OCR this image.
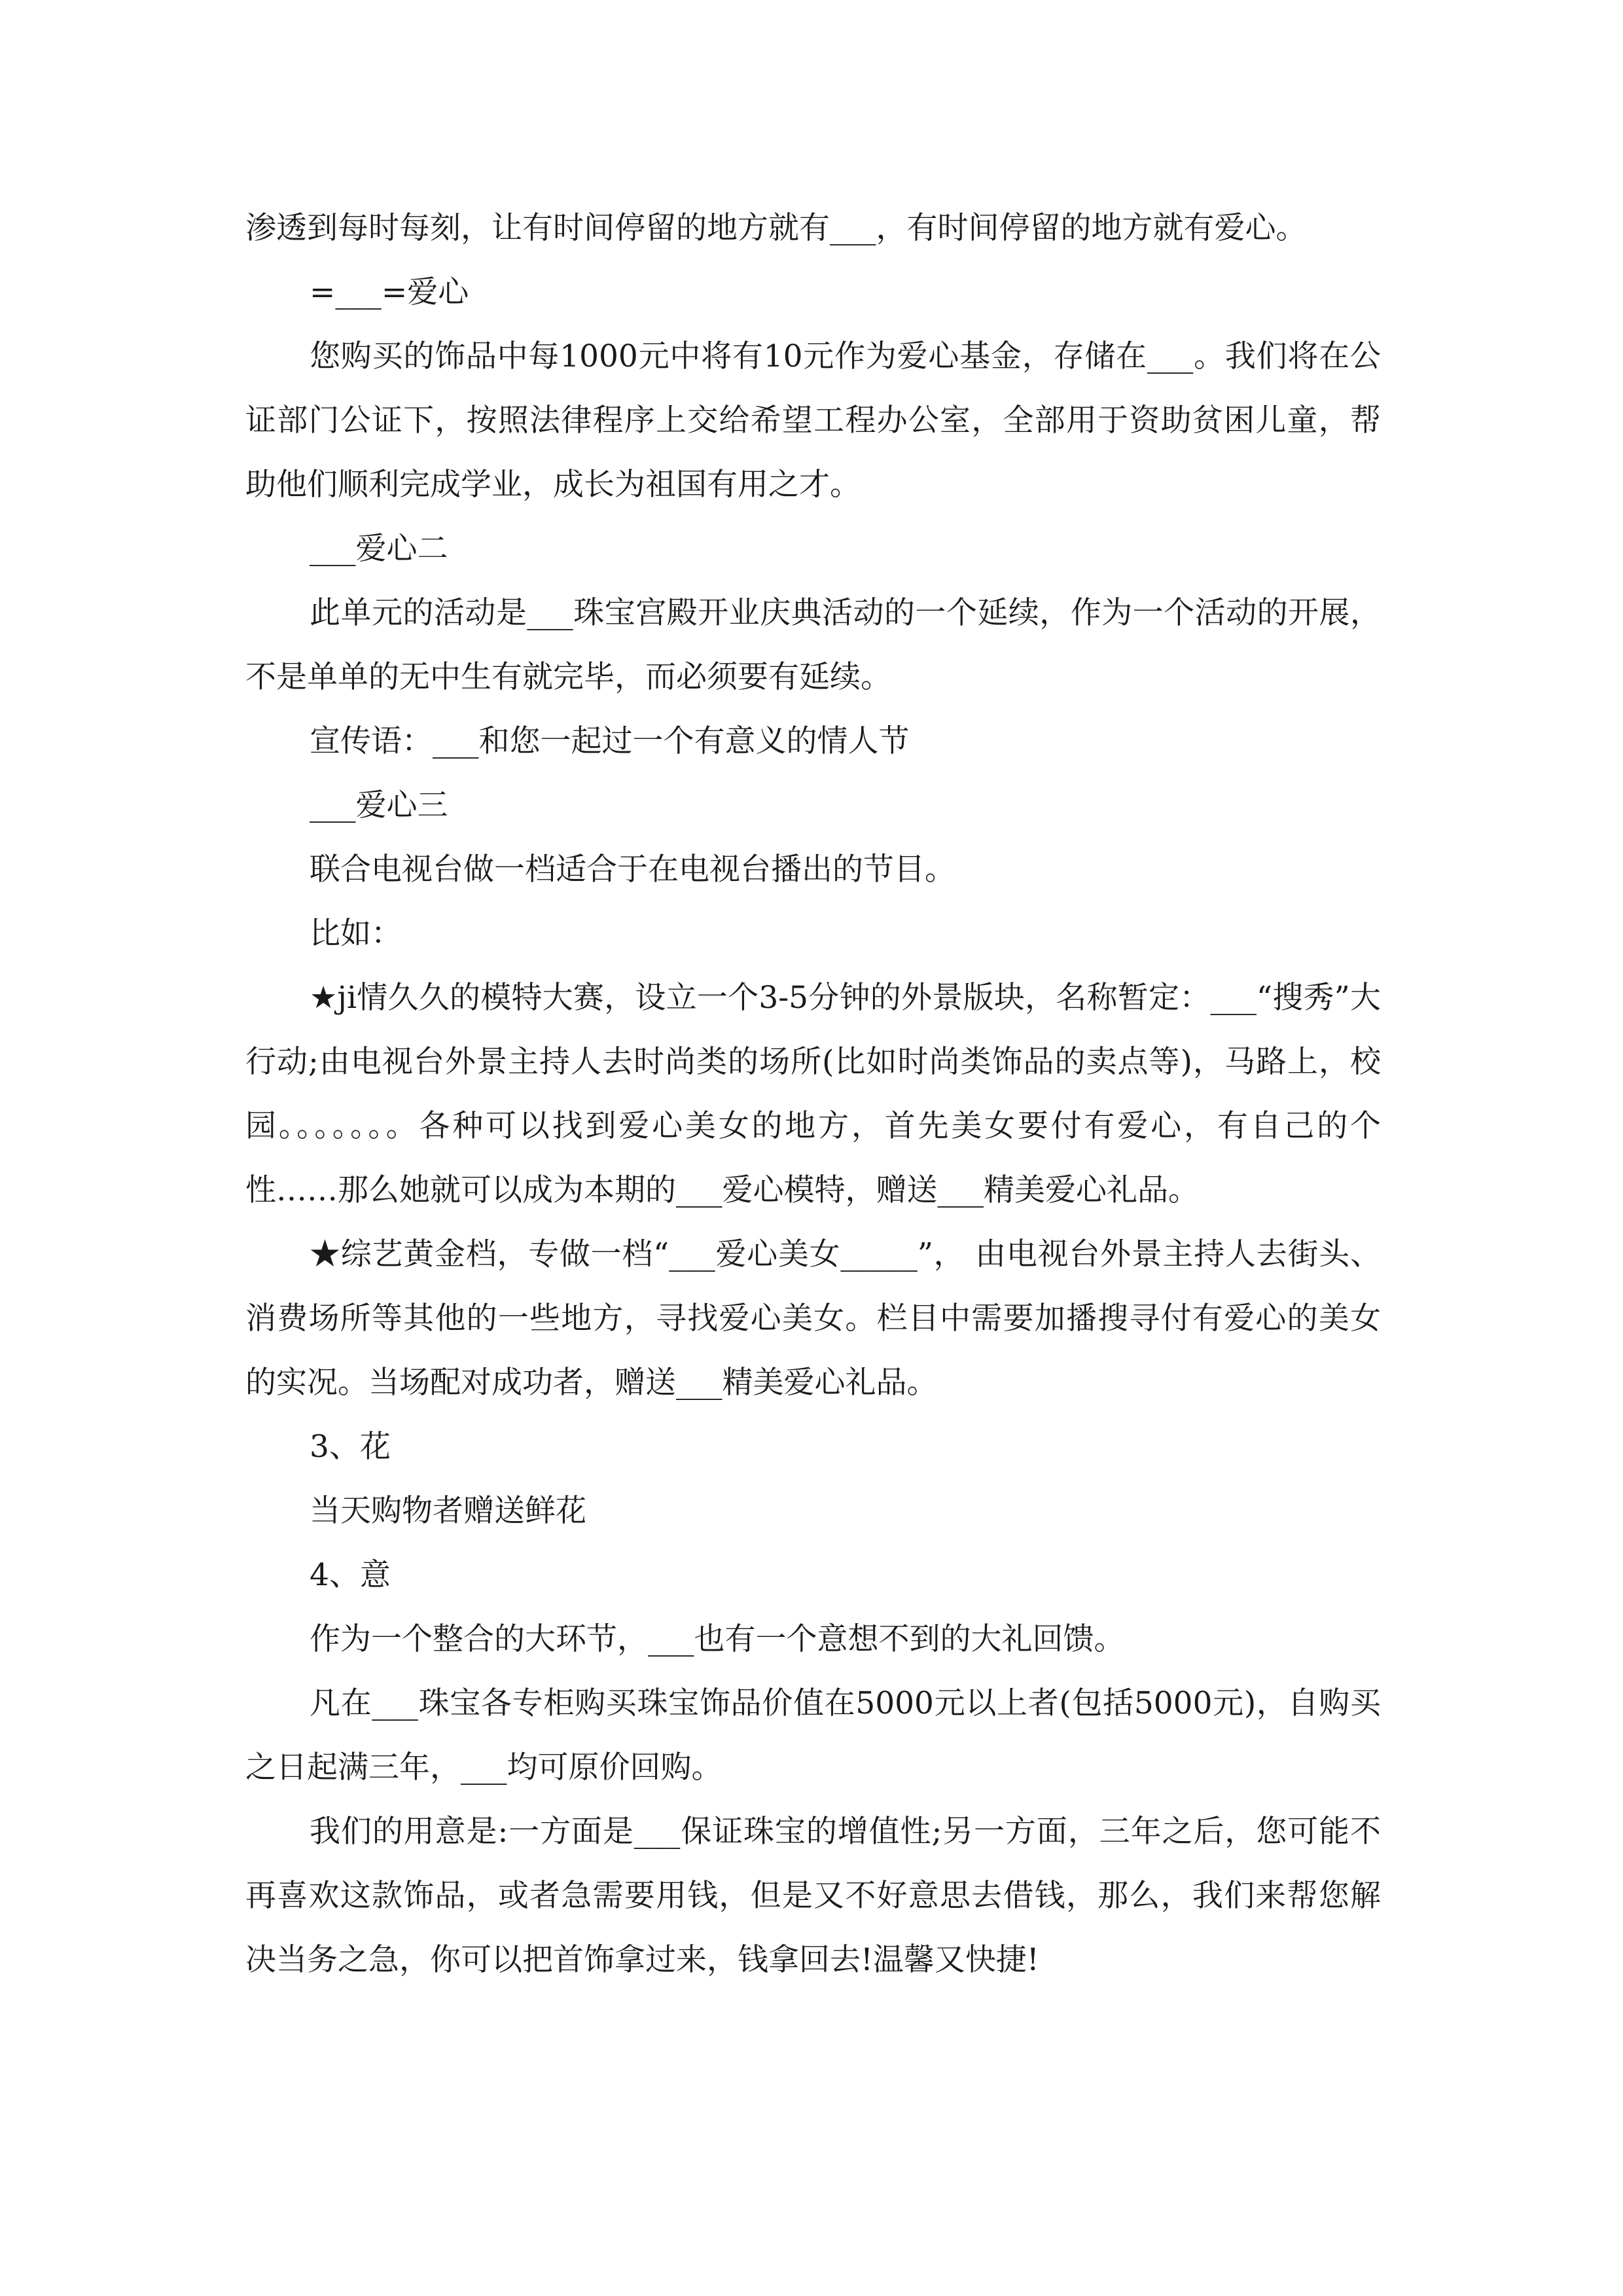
渗透到每时每刻，让有时间停留的地方就有___，有时间停留的地方就有爱心。

=___=爱心

您购买的饰品中每1000元中将有10元作为爱心基金，存储在___。我们将在公证部门公证下，按照法律程序上交给希望工程办公室，全部用于资助贫困儿童，帮助他们顺利完成学业，成长为祖国有用之才。

___爱心二

此单元的活动是___珠宝宫殿开业庆典活动的一个延续，作为一个活动的开展，不是单单的无中生有就完毕，而必须要有延续。

宣传语：___和您一起过一个有意义的情人节

___爱心三

联合电视台做一档适合于在电视台播出的节目。

比如：

★ji情久久的模特大赛，设立一个3-5分钟的外景版块，名称暂定：___“搜秀”大行动;由电视台外景主持人去时尚类的场所(比如时尚类饰品的卖点等)，马路上，校园。。。。。。。各种可以找到爱心美女的地方，首先美女要付有爱心，有自己的个性……那么她就可以成为本期的___爱心模特，赠送___精美爱心礼品。

★综艺黄金档，专做一档“___爱心美女_____”， 由电视台外景主持人去街头、消费场所等其他的一些地方，寻找爱心美女。栏目中需要加播搜寻付有爱心的美女的实况。当场配对成功者，赠送___精美爱心礼品。

3、花

当天购物者赠送鲜花

4、意

作为一个整合的大环节，___也有一个意想不到的大礼回馈。

凡在___珠宝各专柜购买珠宝饰品价值在5000元以上者(包括5000元)，自购买之日起满三年，___均可原价回购。

我们的用意是:一方面是___保证珠宝的增值性;另一方面，三年之后，您可能不再喜欢这款饰品，或者急需要用钱，但是又不好意思去借钱，那么，我们来帮您解决当务之急，你可以把首饰拿过来，钱拿回去!温馨又快捷!
